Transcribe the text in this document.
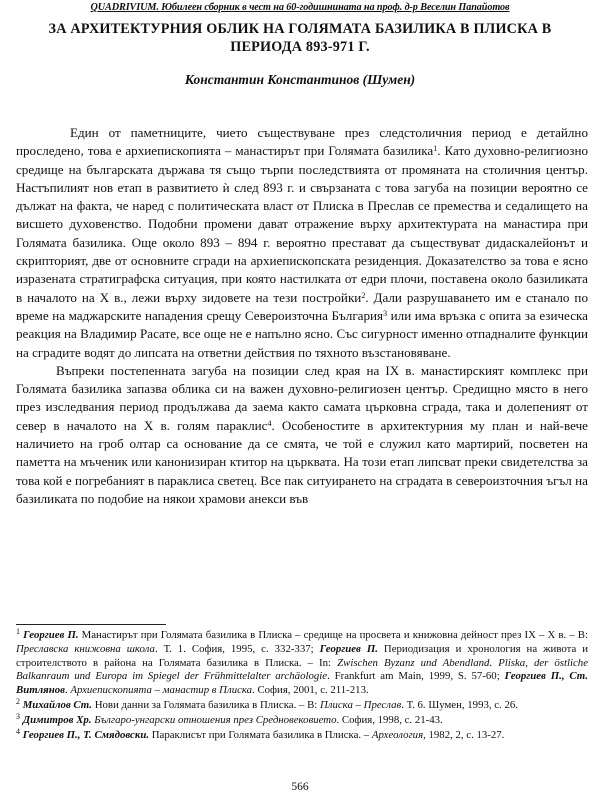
QUADRIVIUM. Юбилеен сборник в чест на 60-годишнината на проф. д-р Веселин Папайотов
ЗА АРХИТЕКТУРНИЯ ОБЛИК НА ГОЛЯМАТА БАЗИЛИКА В ПЛИСКА В ПЕРИОДА 893-971 Г.
Константин Константинов (Шумен)

Един от паметниците, чието съществуване през следстоличния период е детайлно проследено, това е архиепископията – манастирът при Голямата базилика$^1$. Като духовно-религиозно средище на българската държава тя също търпи последствията от промяната на столичния център. Настъпилият нов етап в развитието ѝ след 893 г. и свързаната с това загуба на позиции вероятно се дължат на факта, че наред с политическата власт от Плиска в Преслав се премества и седалището на висшето духовенство. Подобни промени дават отражение върху архитектурата на манастира при Голямата базилика. Още около 893 – 894 г. вероятно престават да съществуват дидаскалейонът и скрипторият, две от основните сгради на архиепископската резиденция. Доказателство за това е ясно изразената стратиграфска ситуация, при която настилката от едри плочи, поставена около базиликата в началото на X в., лежи върху зидовете на тези постройки$^2$. Дали разрушаването им е станало по време на маджарските нападения срещу Североизточна България$^3$ или има връзка с опита за езическа реакция на Владимир Расате, все още не е напълно ясно. Със сигурност именно отпадналите функции на сградите водят до липсата на ответни действия по тяхното възстановяване.

Въпреки постепенната загуба на позиции след края на IX в. манастирският комплекс при Голямата базилика запазва облика си на важен духовно-религиозен център. Средищно място в него през изследвания период продължава да заема както самата църковна сграда, така и долепеният от север в началото на X в. голям параклис$^4$. Особеностите в архитектурния му план и най-вече наличието на гроб олтар са основание да се смята, че той е служил като мартирий, посветен на паметта на мъченик или канонизиран ктитор на църквата. На този етап липсват преки свидетелства за това кой е погребаният в параклиса светец. Все пак ситуирането на сградата в североизточния ъгъл на базиликата по подобие на някои храмови анекси във

$^1$ Георгиев П. Манастирът при Голямата базилика в Плиска – средище на просвета и книжовна дейност през IX – X в. – В: Преславска книжовна школа. Т. 1. София, 1995, с. 332-337; Георгиев П. Периодизация и хронология на живота и строителството в района на Голямата базилика в Плиска. – In: Zwischen Byzanz und Abendland. Pliska, der östliche Balkanraum und Europa im Spiegel der Frühmittelalter archäologie. Frankfurt am Main, 1999, S. 57-60; Георгиев П., Ст. Витлянов. Архиепископията – манастир в Плиска. София, 2001, с. 211-213.
$^2$ Михайлов Ст. Нови данни за Голямата базилика в Плиска. – В: Плиска – Преслав. Т. 6. Шумен, 1993, с. 26.
$^3$ Димитров Хр. Българо-унгарски отношения през Средновековието. София, 1998, с. 21-43.
$^4$ Георгиев П., Т. Смядовски. Параклисът при Голямата базилика в Плиска. – Археология, 1982, 2, с. 13-27.
566
